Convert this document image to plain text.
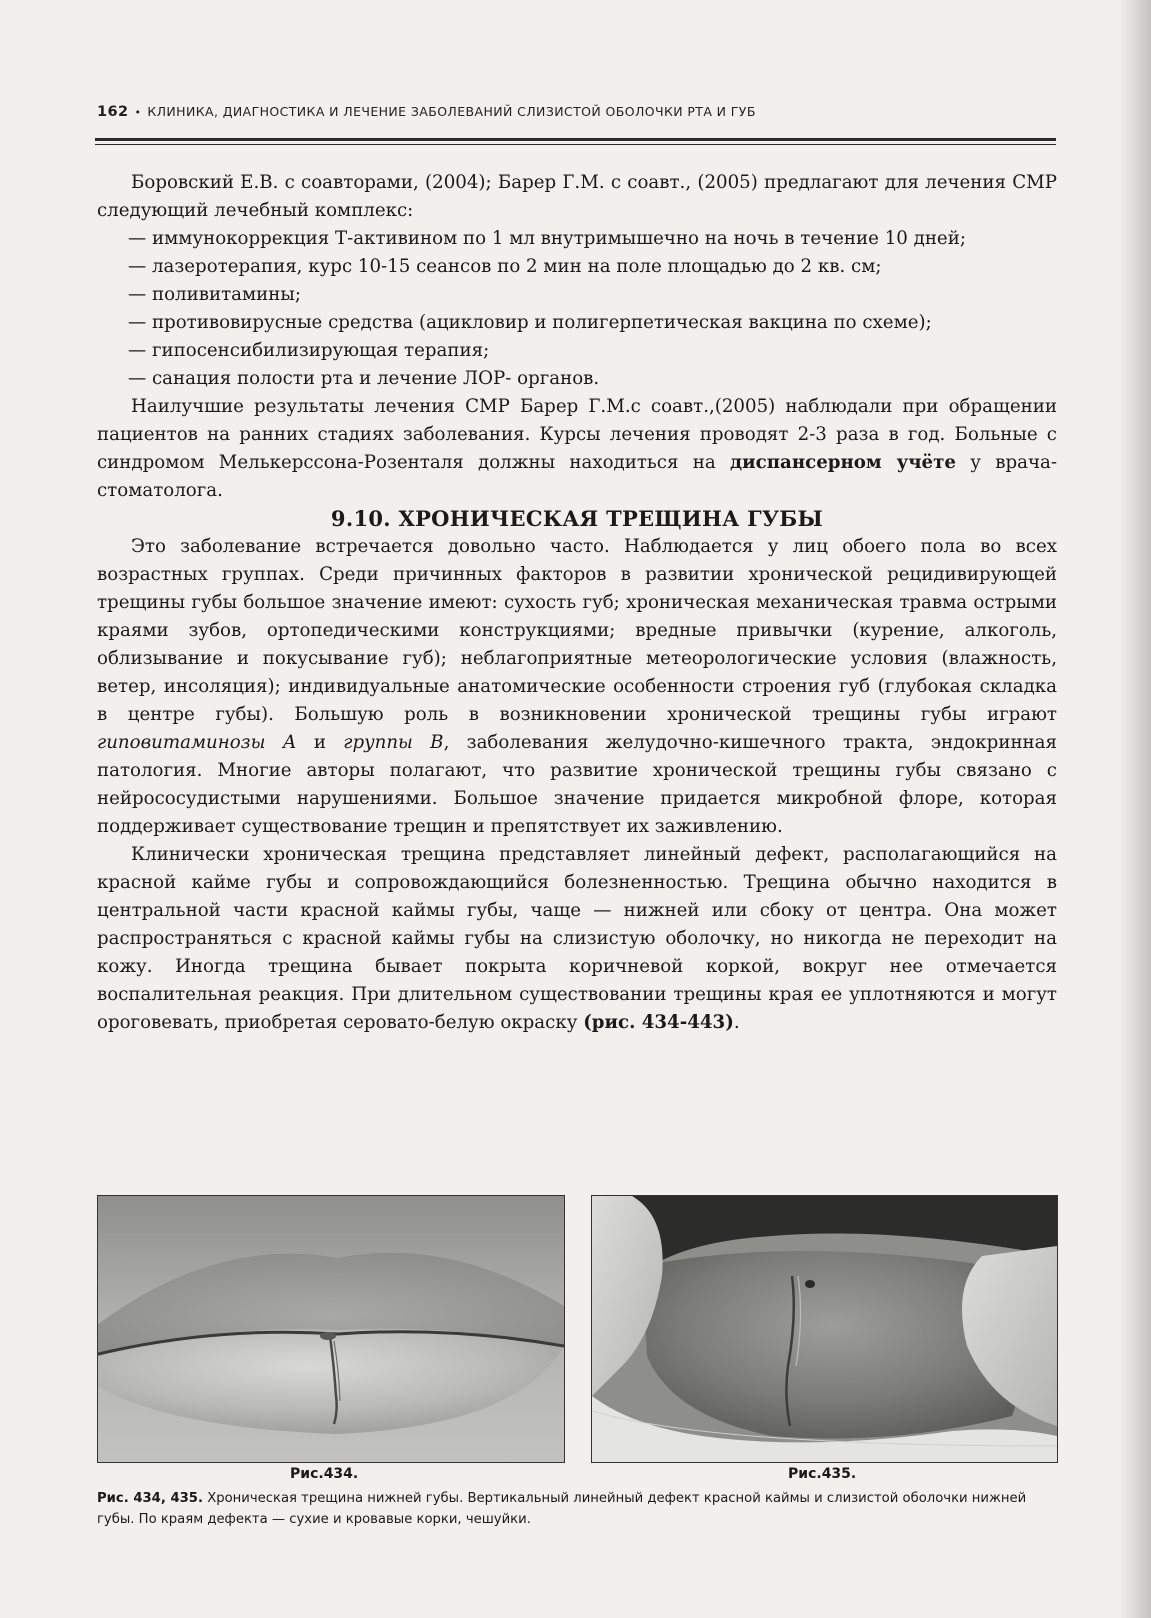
162 • КЛИНИКА, ДИАГНОСТИКА И ЛЕЧЕНИЕ ЗАБОЛЕВАНИЙ СЛИЗИСТОЙ ОБОЛОЧКИ РТА И ГУБ

Боровский Е.В. с соавторами, (2004); Барер Г.М. с соавт., (2005) предлагают для лечения СМР следующий лечебный комплекс:

— иммунокоррекция Т-активином по 1 мл внутримышечно на ночь в течение 10 дней;
— лазеротерапия, курс 10-15 сеансов по 2 мин на поле площадью до 2 кв. см;
— поливитамины;
— противовирусные средства (ацикловир и полигерпетическая вакцина по схеме);
— гипосенсибилизирующая терапия;
— санация полости рта и лечение ЛОР- органов.

Наилучшие результаты лечения СМР Барер Г.М.с соавт.,(2005) наблюдали при обращении пациентов на ранних стадиях заболевания. Курсы лечения проводят 2-3 раза в год. Больные с синдромом Мелькерссона-Розенталя должны находиться на диспансерном учёте у врача-стоматолога.

9.10. ХРОНИЧЕСКАЯ ТРЕЩИНА ГУБЫ

Это заболевание встречается довольно часто. Наблюдается у лиц обоего пола во всех возрастных группах. Среди причинных факторов в развитии хронической рецидивирующей трещины губы большое значение имеют: сухость губ; хроническая механическая травма острыми краями зубов, ортопедическими конструкциями; вредные привычки (курение, алкоголь, облизывание и покусывание губ); неблагоприятные метеорологические условия (влажность, ветер, инсоляция); индивидуальные анатомические особенности строения губ (глубокая складка в центре губы). Большую роль в возникновении хронической трещины губы играют гиповитаминозы А и группы В, заболевания желудочно-кишечного тракта, эндокринная патология. Многие авторы полагают, что развитие хронической трещины губы связано с нейрососудистыми нарушениями. Большое значение придается микробной флоре, которая поддерживает существование трещин и препятствует их заживлению.

Клинически хроническая трещина представляет линейный дефект, располагающийся на красной кайме губы и сопровождающийся болезненностью. Трещина обычно находится в центральной части красной каймы губы, чаще — нижней или сбоку от центра. Она может распространяться с красной каймы губы на слизистую оболочку, но никогда не переходит на кожу. Иногда трещина бывает покрыта коричневой коркой, вокруг нее отмечается воспалительная реакция. При длительном существовании трещины края ее уплотняются и могут ороговевать, приобретая серовато-белую окраску (рис. 434-443).

Рис.434.	Рис.435.
Рис. 434, 435. Хроническая трещина нижней губы. Вертикальный линейный дефект красной каймы и слизистой оболочки нижней губы. По краям дефекта — сухие и кровавые корки, чешуйки.
